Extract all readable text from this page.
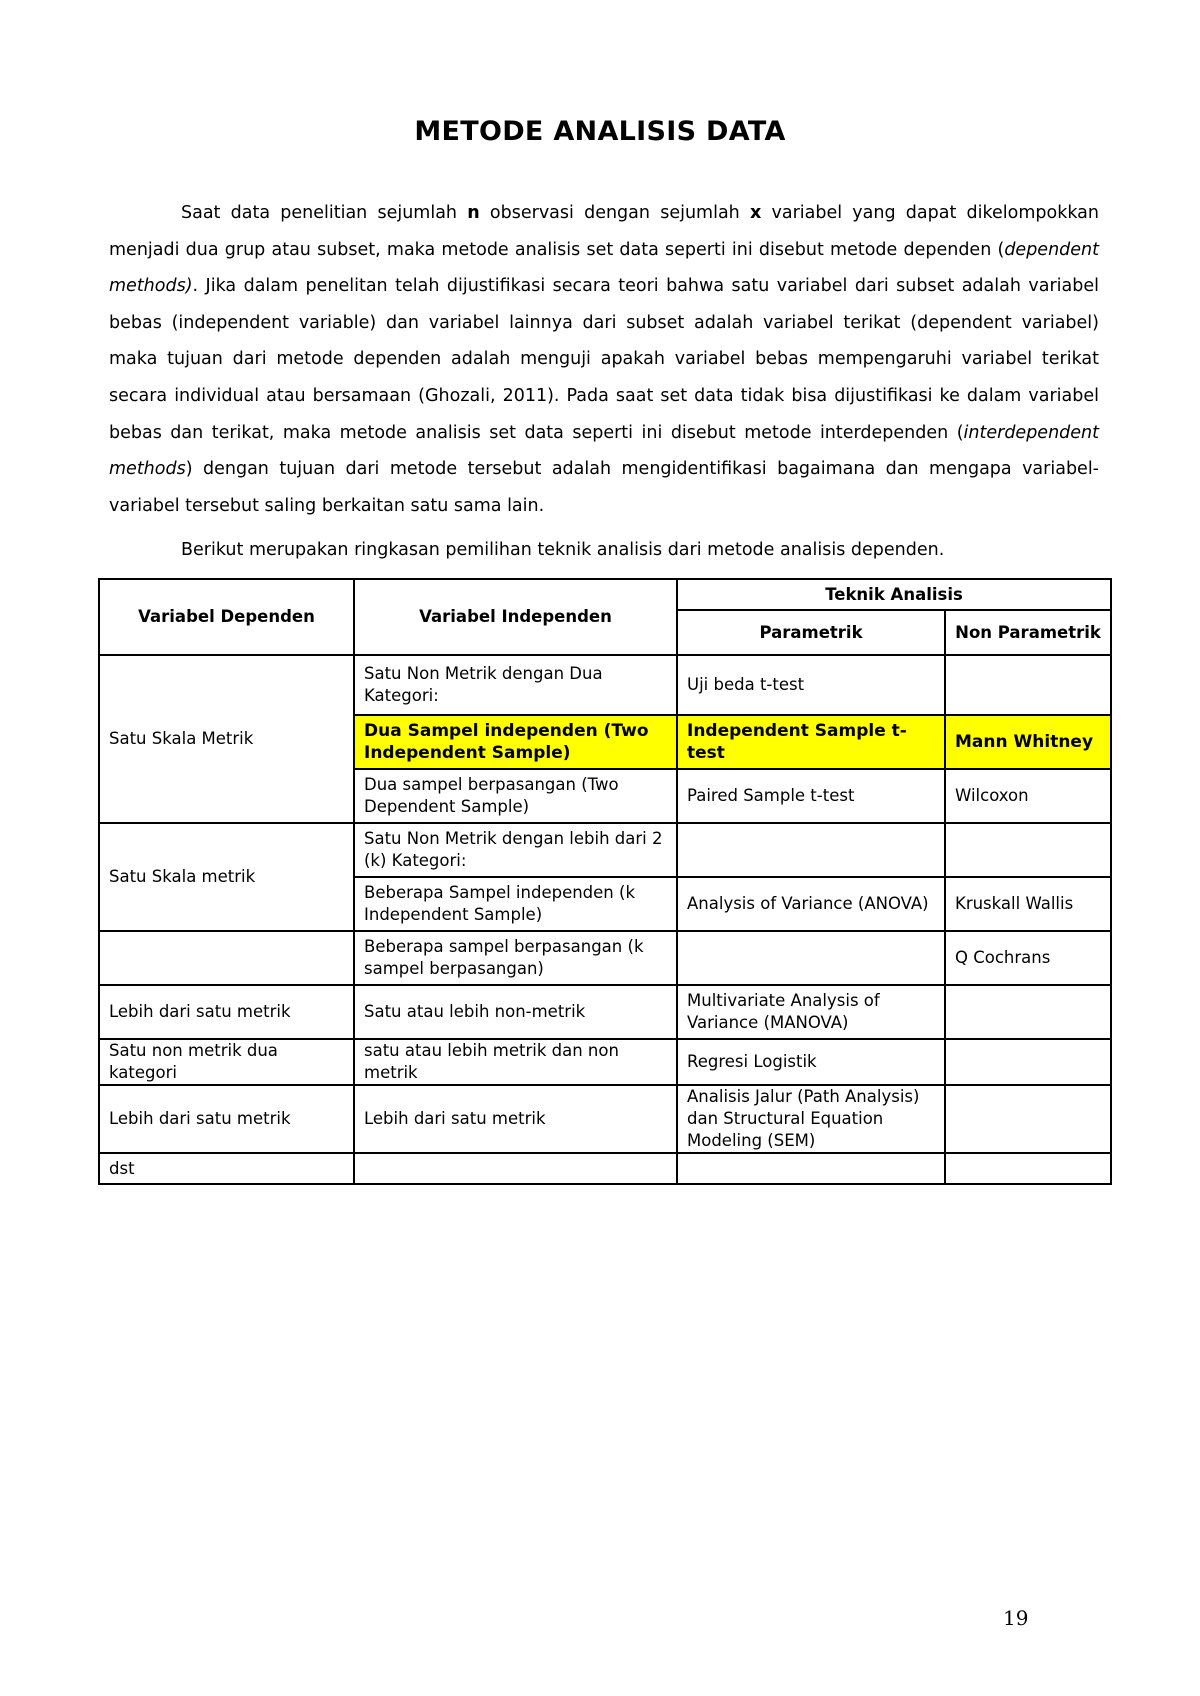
METODE ANALISIS DATA

Saat data penelitian sejumlah n observasi dengan sejumlah x variabel yang dapat dikelompokkan menjadi dua grup atau subset, maka metode analisis set data seperti ini disebut metode dependen (dependent methods). Jika dalam penelitan telah dijustifikasi secara teori bahwa satu variabel dari subset adalah variabel bebas (independent variable) dan variabel lainnya dari subset adalah variabel terikat (dependent variabel) maka tujuan dari metode dependen adalah menguji apakah variabel bebas mempengaruhi variabel terikat secara individual atau bersamaan (Ghozali, 2011). Pada saat set data tidak bisa dijustifikasi ke dalam variabel bebas dan terikat, maka metode analisis set data seperti ini disebut metode interdependen (interdependent methods) dengan tujuan dari metode tersebut adalah mengidentifikasi bagaimana dan mengapa variabel-variabel tersebut saling berkaitan satu sama lain.

Berikut merupakan ringkasan pemilihan teknik analisis dari metode analisis dependen.

Variabel Dependen	Variabel Independen	Teknik Analisis	
		Parametrik	Non Parametrik
Satu Skala Metrik	Satu Non Metrik dengan Dua Kategori:	Uji beda t-test	
	Dua Sampel independen (Two Independent Sample)	Independent Sample t-test	Mann Whitney
	Dua sampel berpasangan (Two Dependent Sample)	Paired Sample t-test	Wilcoxon
Satu Skala metrik	Satu Non Metrik dengan lebih dari 2 (k) Kategori:		
	Beberapa Sampel independen (k Independent Sample)	Analysis of Variance (ANOVA)	Kruskall Wallis
	Beberapa sampel berpasangan (k sampel berpasangan)		Q Cochrans
Lebih dari satu metrik	Satu atau lebih non-metrik	Multivariate Analysis of Variance (MANOVA)	
Satu non metrik dua kategori	satu atau lebih metrik dan non metrik	Regresi Logistik	
Lebih dari satu metrik	Lebih dari satu metrik	Analisis Jalur (Path Analysis) dan Structural Equation Modeling (SEM)	
dst			
19
